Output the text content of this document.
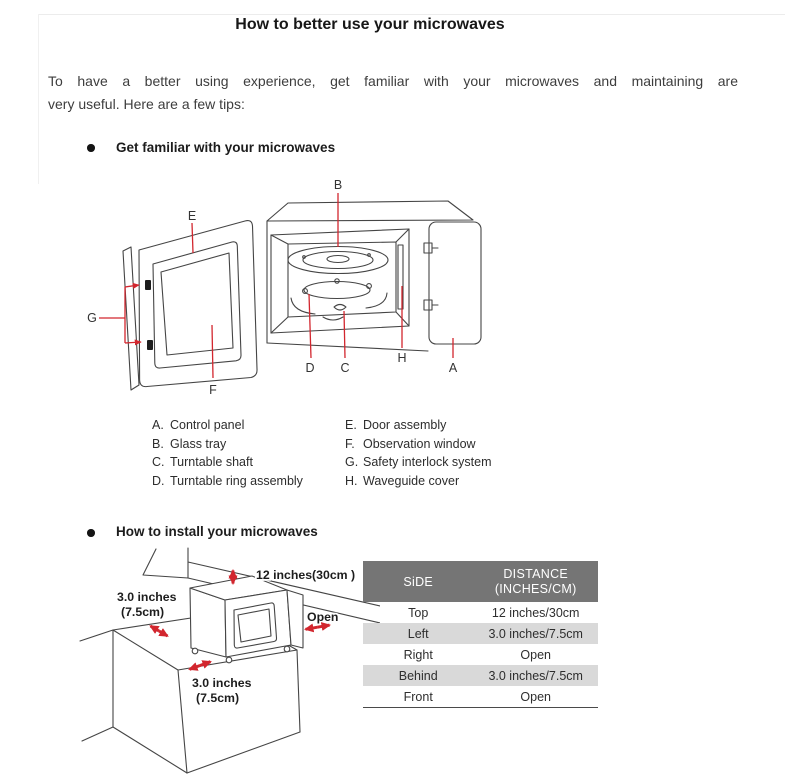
How to better use your microwaves
To have a better using experience, get familiar with your microwaves and maintaining are
very useful. Here are a few tips:
Get familiar with your microwaves
B
E
G
F
D C
H
A
A. Control panel
B. Glass tray
C. Turntable shaft
D. Turntable ring assembly
E. Door assembly
F. Observation window
G. Safety interlock system
H. Waveguide cover
How to install your microwaves
12 inches(30cm )
3.0 inches
(7.5cm)	Open
3.0 inches
(7.5cm)
SiDE
DISTANCE
(INCHES/CM)
Top	12 inches/30cm
Left	3.0 inches/7.5cm
Right	Open
Behind	3.0 inches/7.5cm
Front	Open
